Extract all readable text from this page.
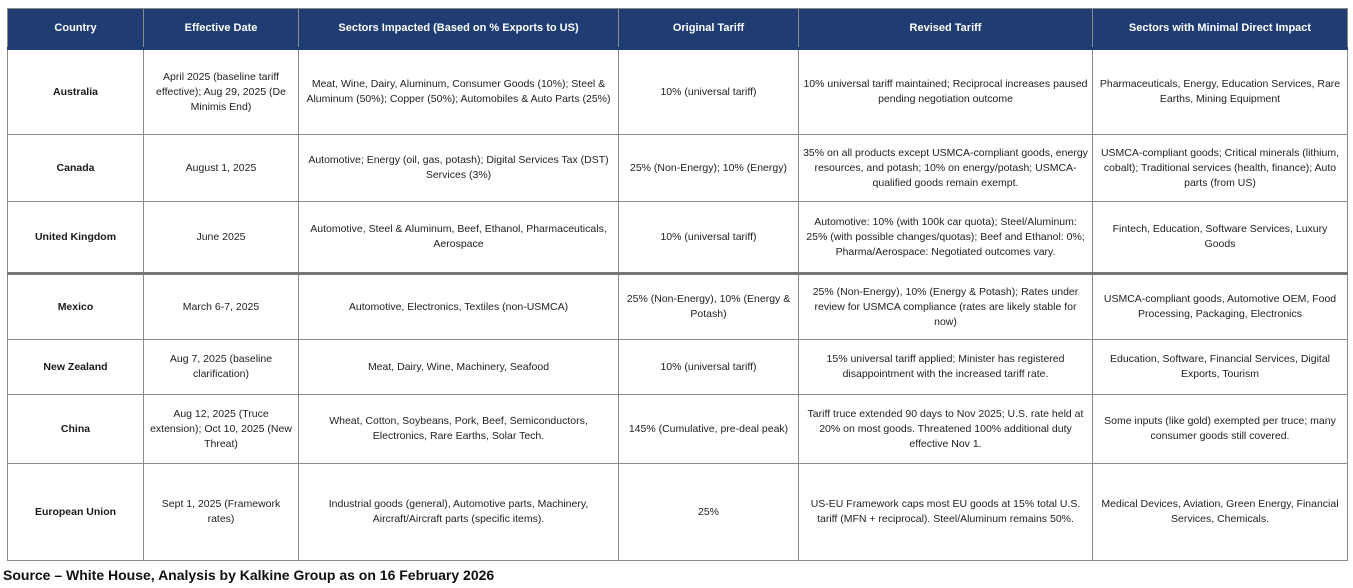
Country	Effective Date	Sectors Impacted (Based on % Exports to US)	Original Tariff	Revised Tariff	Sectors with Minimal Direct Impact
Australia	April 2025 (baseline tariff effective); Aug 29, 2025 (De Minimis End)	Meat, Wine, Dairy, Aluminum, Consumer Goods (10%); Steel & Aluminum (50%); Copper (50%); Automobiles & Auto Parts (25%)	10% (universal tariff)	10% universal tariff maintained; Reciprocal increases paused pending negotiation outcome	Pharmaceuticals, Energy, Education Services, Rare Earths, Mining Equipment
Canada	August 1, 2025	Automotive; Energy (oil, gas, potash); Digital Services Tax (DST) Services (3%)	25% (Non-Energy); 10% (Energy)	35% on all products except USMCA-compliant goods, energy resources, and potash; 10% on energy/potash; USMCA-qualified goods remain exempt.	USMCA-compliant goods; Critical minerals (lithium, cobalt); Traditional services (health, finance); Auto parts (from US)
United Kingdom	June 2025	Automotive, Steel & Aluminum, Beef, Ethanol, Pharmaceuticals, Aerospace	10% (universal tariff)	Automotive: 10% (with 100k car quota); Steel/Aluminum: 25% (with possible changes/quotas); Beef and Ethanol: 0%; Pharma/Aerospace: Negotiated outcomes vary.	Fintech, Education, Software Services, Luxury Goods
Mexico	March 6-7, 2025	Automotive, Electronics, Textiles (non-USMCA)	25% (Non-Energy), 10% (Energy & Potash)	25% (Non-Energy), 10% (Energy & Potash); Rates under review for USMCA compliance (rates are likely stable for now)	USMCA-compliant goods, Automotive OEM, Food Processing, Packaging, Electronics
New Zealand	Aug 7, 2025 (baseline clarification)	Meat, Dairy, Wine, Machinery, Seafood	10% (universal tariff)	15% universal tariff applied; Minister has registered disappointment with the increased tariff rate.	Education, Software, Financial Services, Digital Exports, Tourism
China	Aug 12, 2025 (Truce extension); Oct 10, 2025 (New Threat)	Wheat, Cotton, Soybeans, Pork, Beef, Semiconductors, Electronics, Rare Earths, Solar Tech.	145% (Cumulative, pre-deal peak)	Tariff truce extended 90 days to Nov 2025; U.S. rate held at 20% on most goods. Threatened 100% additional duty effective Nov 1.	Some inputs (like gold) exempted per truce; many consumer goods still covered.
European Union	Sept 1, 2025 (Framework rates)	Industrial goods (general), Automotive parts, Machinery, Aircraft/Aircraft parts (specific items).	25%	US-EU Framework caps most EU goods at 15% total U.S. tariff (MFN + reciprocal). Steel/Aluminum remains 50%.	Medical Devices, Aviation, Green Energy, Financial Services, Chemicals.
Source – White House, Analysis by Kalkine Group as on 16 February 2026
